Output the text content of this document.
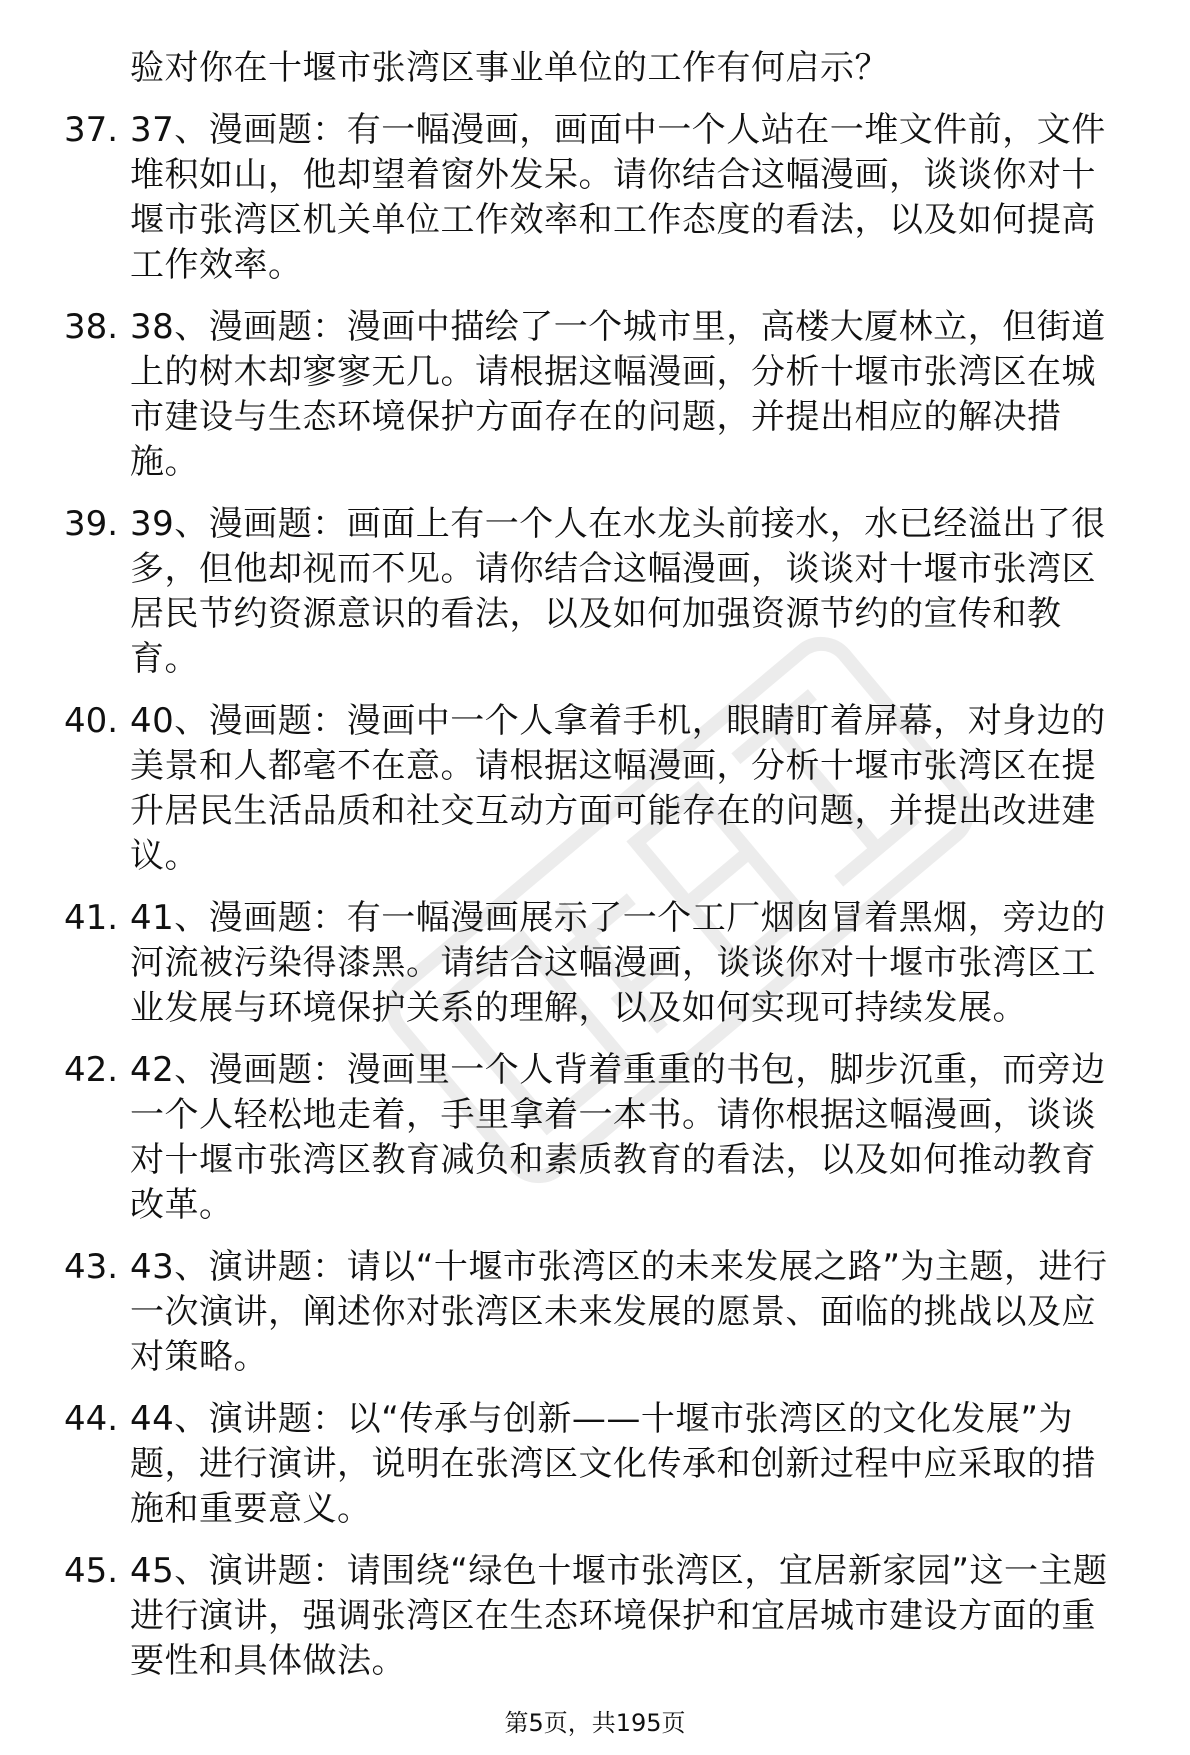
验对你在十堰市张湾区事业单位的工作有何启示？
37. 37、漫画题：有一幅漫画，画面中一个人站在一堆文件前，文件堆积如山，他却望着窗外发呆。请你结合这幅漫画，谈谈你对十堰市张湾区机关单位工作效率和工作态度的看法，以及如何提高工作效率。
38. 38、漫画题：漫画中描绘了一个城市里，高楼大厦林立，但街道上的树木却寥寥无几。请根据这幅漫画，分析十堰市张湾区在城市建设与生态环境保护方面存在的问题，并提出相应的解决措施。
39. 39、漫画题：画面上有一个人在水龙头前接水，水已经溢出了很多，但他却视而不见。请你结合这幅漫画，谈谈对十堰市张湾区居民节约资源意识的看法，以及如何加强资源节约的宣传和教育。
40. 40、漫画题：漫画中一个人拿着手机，眼睛盯着屏幕，对身边的美景和人都毫不在意。请根据这幅漫画，分析十堰市张湾区在提升居民生活品质和社交互动方面可能存在的问题，并提出改进建议。
41. 41、漫画题：有一幅漫画展示了一个工厂烟囱冒着黑烟，旁边的河流被污染得漆黑。请结合这幅漫画，谈谈你对十堰市张湾区工业发展与环境保护关系的理解，以及如何实现可持续发展。
42. 42、漫画题：漫画里一个人背着重重的书包，脚步沉重，而旁边一个人轻松地走着，手里拿着一本书。请你根据这幅漫画，谈谈对十堰市张湾区教育减负和素质教育的看法，以及如何推动教育改革。
43. 43、演讲题：请以“十堰市张湾区的未来发展之路”为主题，进行一次演讲，阐述你对张湾区未来发展的愿景、面临的挑战以及应对策略。
44. 44、演讲题：以“传承与创新——十堰市张湾区的文化发展”为题，进行演讲，说明在张湾区文化传承和创新过程中应采取的措施和重要意义。
45. 45、演讲题：请围绕“绿色十堰市张湾区，宜居新家园”这一主题进行演讲，强调张湾区在生态环境保护和宜居城市建设方面的重要性和具体做法。
第5页，共195页
